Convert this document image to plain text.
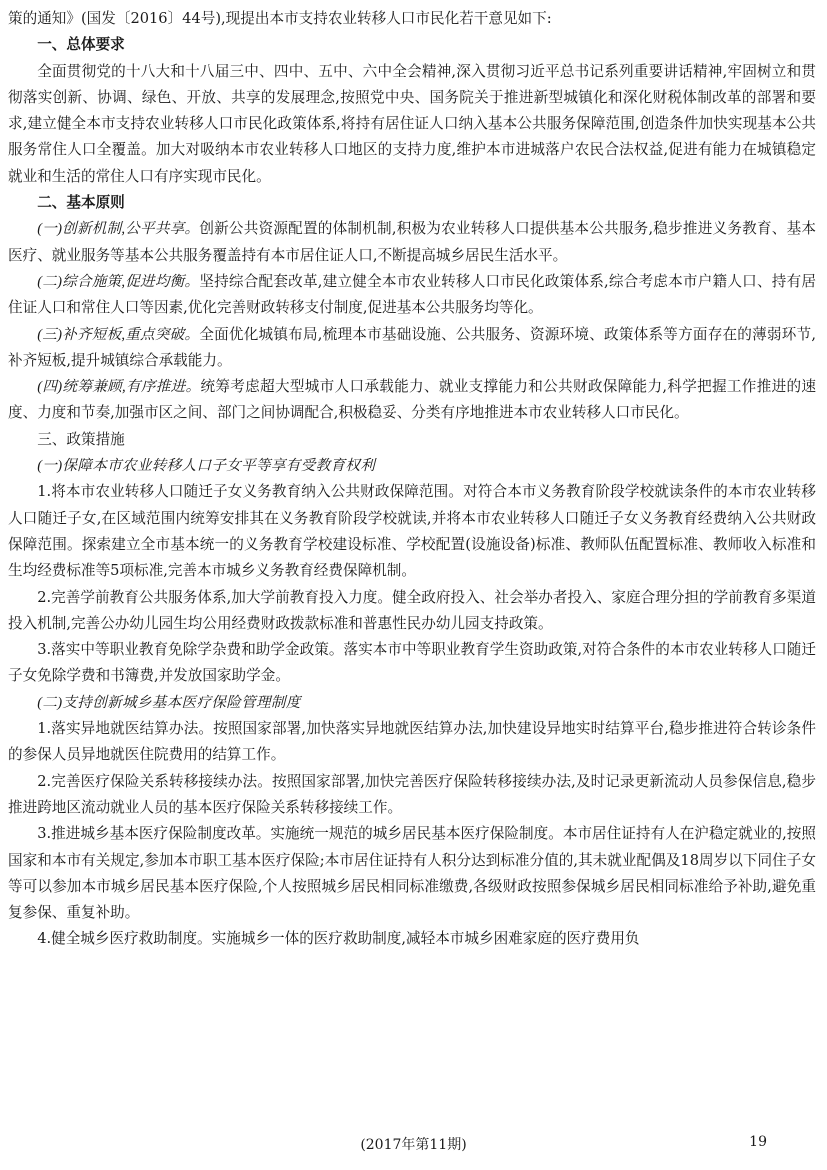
策的通知》(国发〔2016〕44号),现提出本市支持农业转移人口市民化若干意见如下:

一、总体要求

全面贯彻党的十八大和十八届三中、四中、五中、六中全会精神,深入贯彻习近平总书记系列重要讲话精神,牢固树立和贯彻落实创新、协调、绿色、开放、共享的发展理念,按照党中央、国务院关于推进新型城镇化和深化财税体制改革的部署和要求,建立健全本市支持农业转移人口市民化政策体系,将持有居住证人口纳入基本公共服务保障范围,创造条件加快实现基本公共服务常住人口全覆盖。加大对吸纳本市农业转移人口地区的支持力度,维护本市进城落户农民合法权益,促进有能力在城镇稳定就业和生活的常住人口有序实现市民化。

二、基本原则

(一)创新机制,公平共享。创新公共资源配置的体制机制,积极为农业转移人口提供基本公共服务,稳步推进义务教育、基本医疗、就业服务等基本公共服务覆盖持有本市居住证人口,不断提高城乡居民生活水平。

(二)综合施策,促进均衡。坚持综合配套改革,建立健全本市农业转移人口市民化政策体系,综合考虑本市户籍人口、持有居住证人口和常住人口等因素,优化完善财政转移支付制度,促进基本公共服务均等化。

(三)补齐短板,重点突破。全面优化城镇布局,梳理本市基础设施、公共服务、资源环境、政策体系等方面存在的薄弱环节,补齐短板,提升城镇综合承载能力。

(四)统筹兼顾,有序推进。统筹考虑超大型城市人口承载能力、就业支撑能力和公共财政保障能力,科学把握工作推进的速度、力度和节奏,加强市区之间、部门之间协调配合,积极稳妥、分类有序地推进本市农业转移人口市民化。

三、政策措施

(一)保障本市农业转移人口子女平等享有受教育权利

1.将本市农业转移人口随迁子女义务教育纳入公共财政保障范围。对符合本市义务教育阶段学校就读条件的本市农业转移人口随迁子女,在区域范围内统筹安排其在义务教育阶段学校就读,并将本市农业转移人口随迁子女义务教育经费纳入公共财政保障范围。探索建立全市基本统一的义务教育学校建设标准、学校配置(设施设备)标准、教师队伍配置标准、教师收入标准和生均经费标准等5项标准,完善本市城乡义务教育经费保障机制。

2.完善学前教育公共服务体系,加大学前教育投入力度。健全政府投入、社会举办者投入、家庭合理分担的学前教育多渠道投入机制,完善公办幼儿园生均公用经费财政拨款标准和普惠性民办幼儿园支持政策。

3.落实中等职业教育免除学杂费和助学金政策。落实本市中等职业教育学生资助政策,对符合条件的本市农业转移人口随迁子女免除学费和书簿费,并发放国家助学金。

(二)支持创新城乡基本医疗保险管理制度

1.落实异地就医结算办法。按照国家部署,加快落实异地就医结算办法,加快建设异地实时结算平台,稳步推进符合转诊条件的参保人员异地就医住院费用的结算工作。

2.完善医疗保险关系转移接续办法。按照国家部署,加快完善医疗保险转移接续办法,及时记录更新流动人员参保信息,稳步推进跨地区流动就业人员的基本医疗保险关系转移接续工作。

3.推进城乡基本医疗保险制度改革。实施统一规范的城乡居民基本医疗保险制度。本市居住证持有人在沪稳定就业的,按照国家和本市有关规定,参加本市职工基本医疗保险;本市居住证持有人积分达到标准分值的,其未就业配偶及18周岁以下同住子女等可以参加本市城乡居民基本医疗保险,个人按照城乡居民相同标准缴费,各级财政按照参保城乡居民相同标准给予补助,避免重复参保、重复补助。

4.健全城乡医疗救助制度。实施城乡一体的医疗救助制度,减轻本市城乡困难家庭的医疗费用负

(2017年第11期)	19
